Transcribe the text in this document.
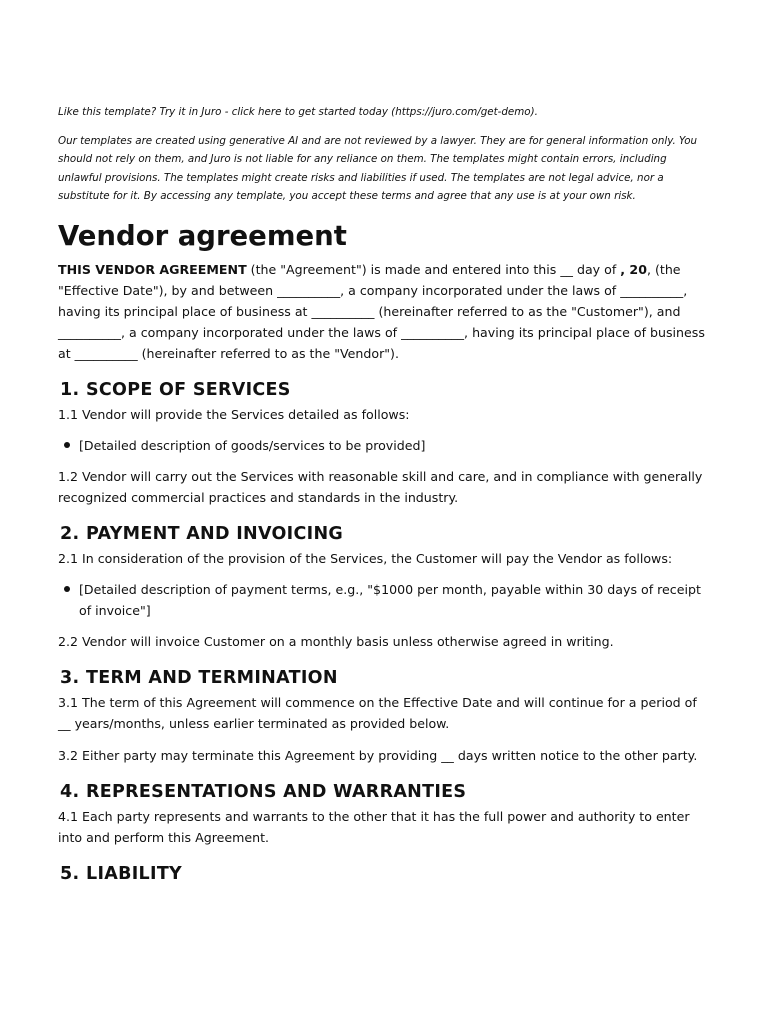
Like this template? Try it in Juro - click here to get started today (https://juro.com/get-demo).

Our templates are created using generative AI and are not reviewed by a lawyer. They are for general information only. You should not rely on them, and Juro is not liable for any reliance on them. The templates might contain errors, including unlawful provisions. The templates might create risks and liabilities if used. The templates are not legal advice, nor a substitute for it. By accessing any template, you accept these terms and agree that any use is at your own risk.

Vendor agreement

THIS VENDOR AGREEMENT (the "Agreement") is made and entered into this __ day of , 20, (the "Effective Date"), by and between __________, a company incorporated under the laws of __________, having its principal place of business at __________ (hereinafter referred to as the "Customer"), and __________, a company incorporated under the laws of __________, having its principal place of business at __________ (hereinafter referred to as the "Vendor").

1. SCOPE OF SERVICES

1.1 Vendor will provide the Services detailed as follows:

[Detailed description of goods/services to be provided]

1.2 Vendor will carry out the Services with reasonable skill and care, and in compliance with generally recognized commercial practices and standards in the industry.

2. PAYMENT AND INVOICING

2.1 In consideration of the provision of the Services, the Customer will pay the Vendor as follows:

[Detailed description of payment terms, e.g., "$1000 per month, payable within 30 days of receipt of invoice"]

2.2 Vendor will invoice Customer on a monthly basis unless otherwise agreed in writing.

3. TERM AND TERMINATION

3.1 The term of this Agreement will commence on the Effective Date and will continue for a period of __ years/months, unless earlier terminated as provided below.

3.2 Either party may terminate this Agreement by providing __ days written notice to the other party.

4. REPRESENTATIONS AND WARRANTIES

4.1 Each party represents and warrants to the other that it has the full power and authority to enter into and perform this Agreement.

5. LIABILITY
